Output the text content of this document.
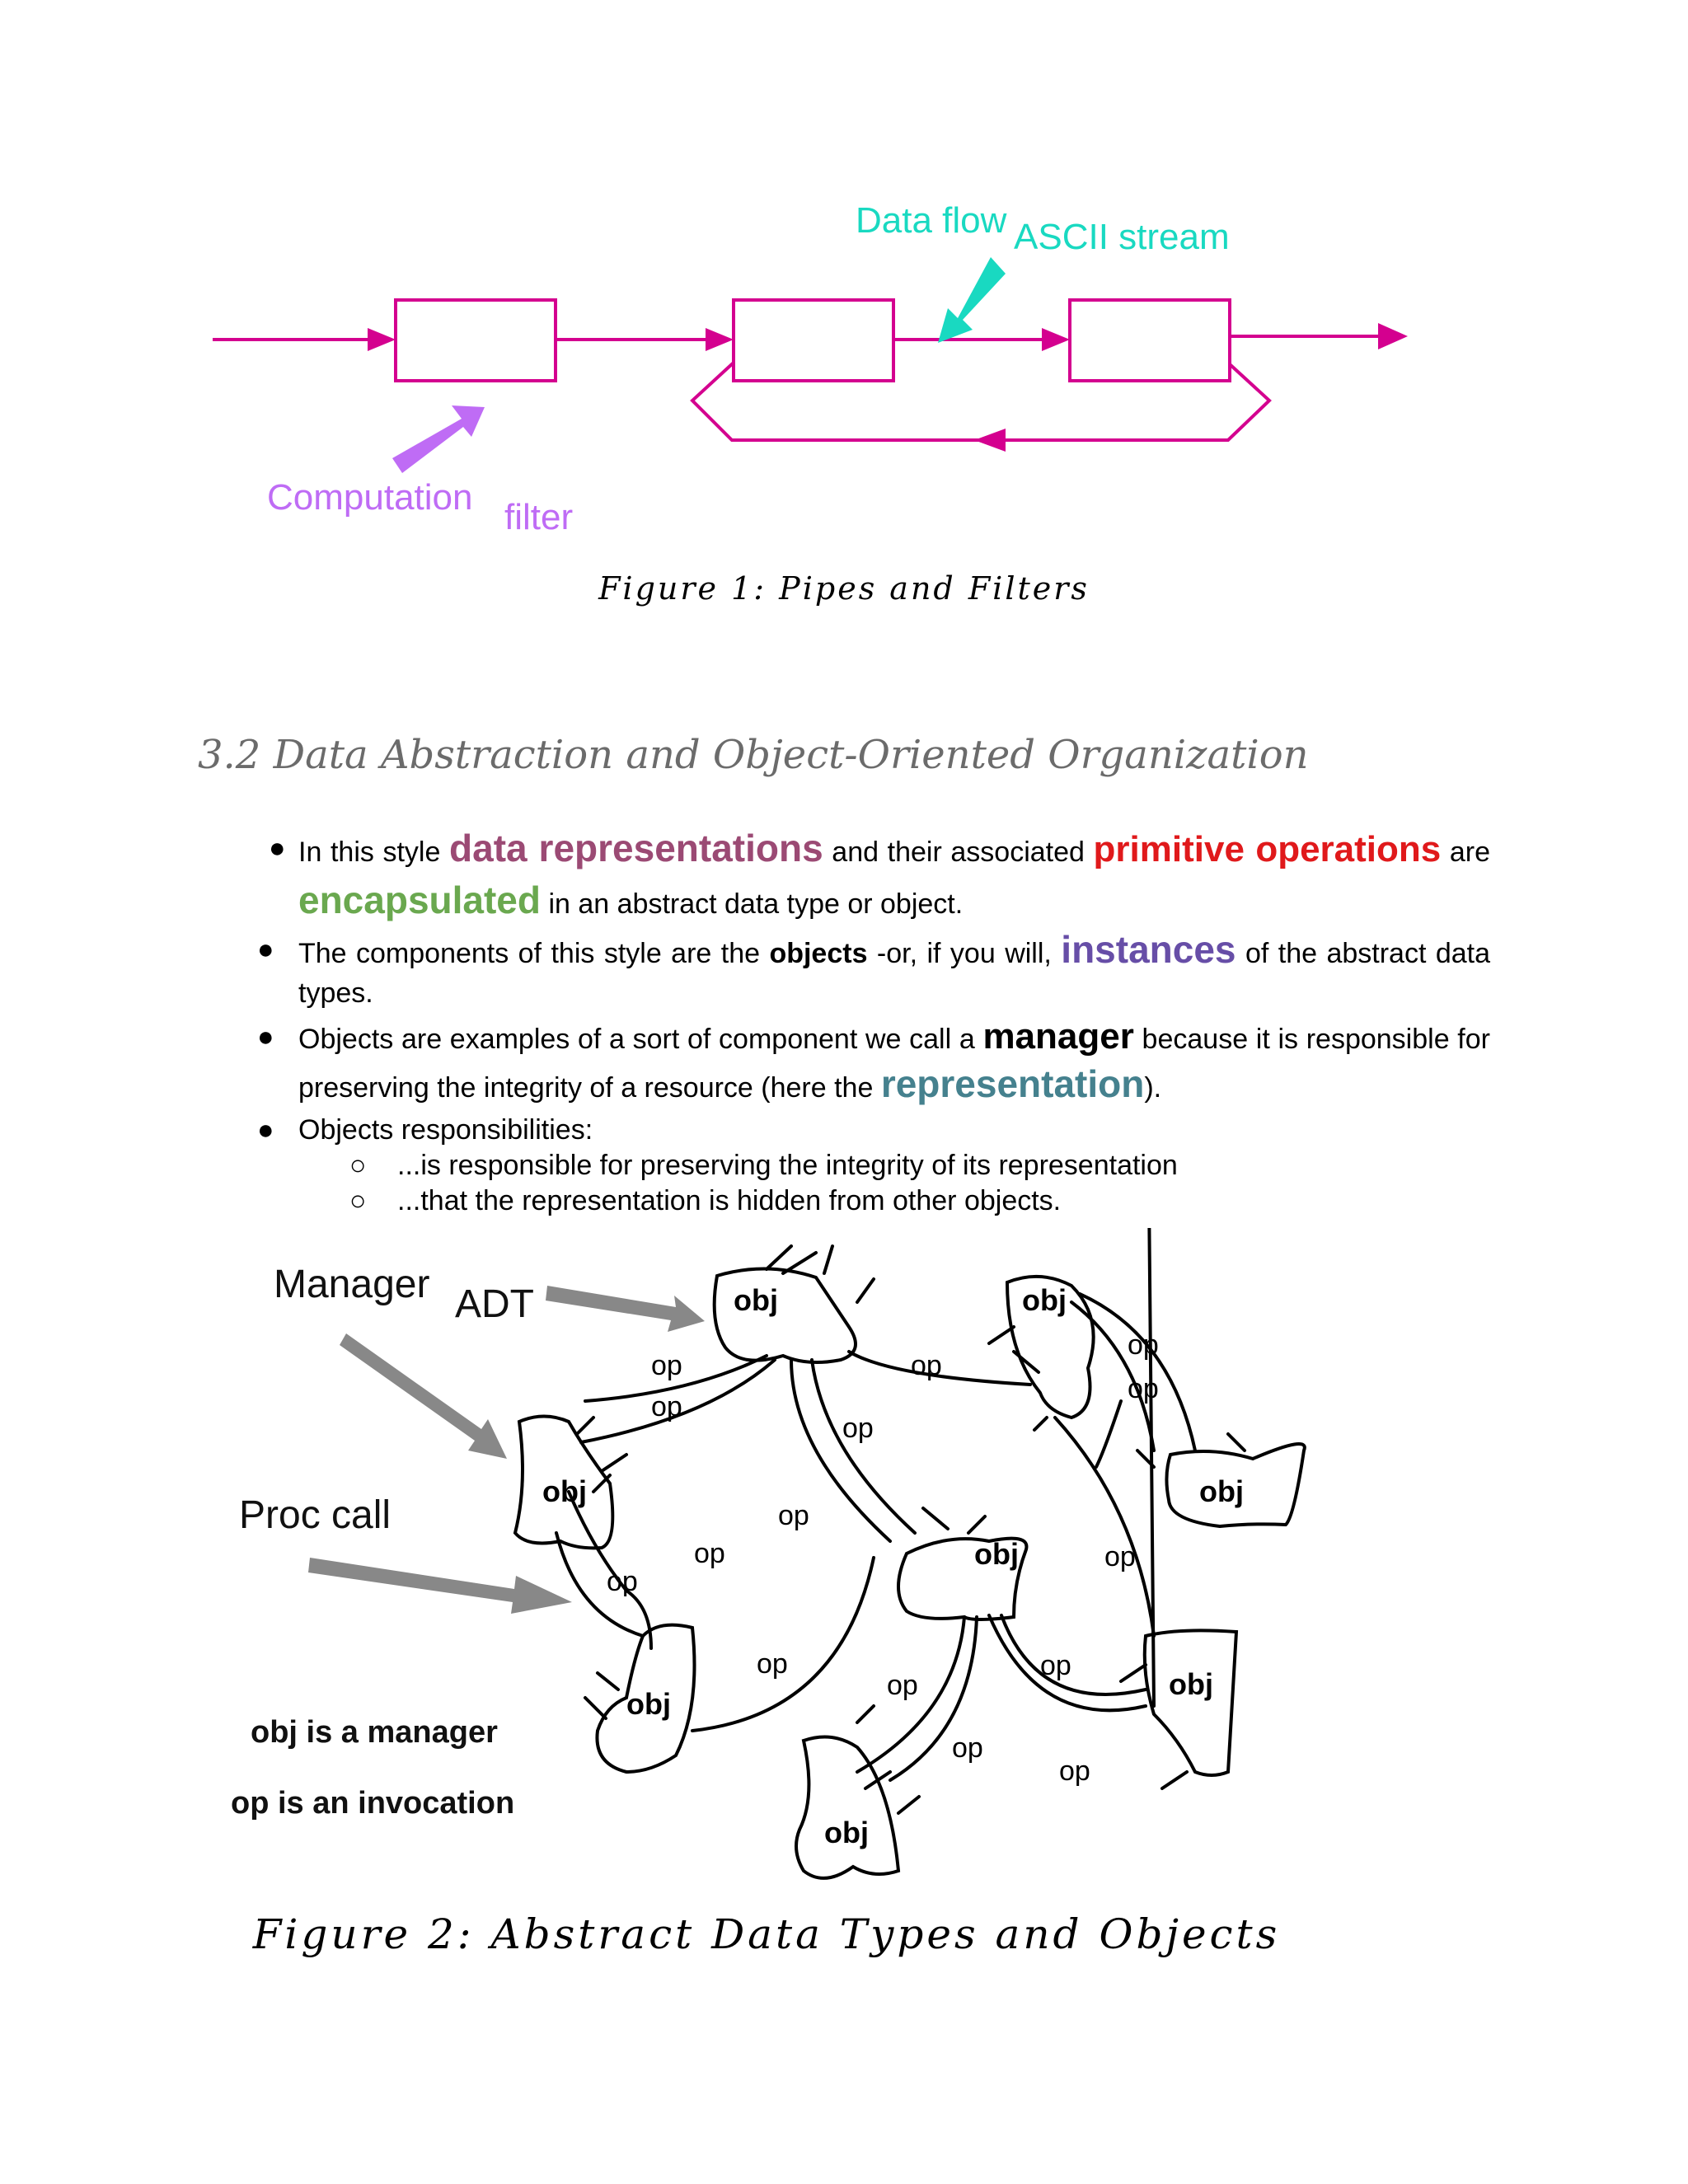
Data flow ASCII stream
Computation filter
Figure 1: Pipes and Filters
3.2 Data Abstraction and Object-Oriented Organization
● In this style data representations and their associated primitive operations are encapsulated in an abstract data type or object.
● The components of this style are the objects -or, if you will, instances of the abstract data types.
● Objects are examples of a sort of component we call a manager because it is responsible for preserving the integrity of a resource (here the representation).
● Objects responsibilities:
○ ...is responsible for preserving the integrity of its representation
○ ...that the representation is hidden from other objects.
obj	obj
obj	obj
obj
obj
obj
obj
op
op
op
op
op
op
op
op
op
op
op
op
op
op
op
Manager ADT
Proc call
obj is a manager
op is an invocation
Figure 2: Abstract Data Types and Objects
